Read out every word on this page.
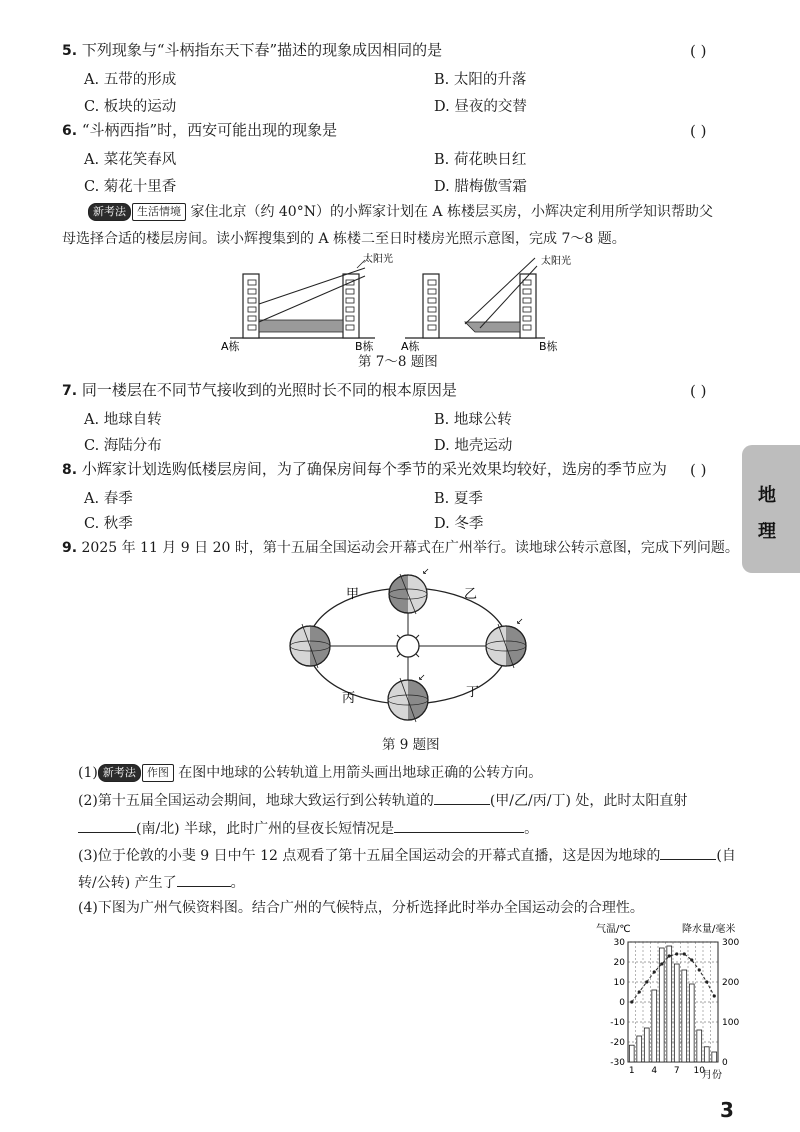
5. 下列现象与“斗柄指东天下春”描述的现象成因相同的是	( )
A. 五带的形成	B. 太阳的升落
C. 板块的运动	D. 昼夜的交替
6. “斗柄西指”时，西安可能出现的现象是	( )
A. 菜花笑春风	B. 荷花映日红
C. 菊花十里香	D. 腊梅傲雪霜
新考法 生活情境 家住北京（约 40°N）的小辉家计划在 A 栋楼层买房，小辉决定利用所学知识帮助父
母选择合适的楼层房间。读小辉搜集到的 A 栋楼二至日时楼房光照示意图，完成 7～8 题。
太阳光
A栋	B栋
太阳光
A栋	B栋
第 7～8 题图
7. 同一楼层在不同节气接收到的光照时长不同的根本原因是	( )
A. 地球自转	B. 地球公转
C. 海陆分布	D. 地壳运动
8. 小辉家计划选购低楼层房间，为了确保房间每个季节的采光效果均较好，选房的季节应为 ( )
A. 春季	B. 夏季
C. 秋季	D. 冬季
9. 2025 年 11 月 9 日 20 时，第十五届全国运动会开幕式在广州举行。读地球公转示意图，完成下列问题。
↙
↙
↙
甲	乙
丙	丁
第 9 题图
(1) 新考法 作图 在图中地球的公转轨道上用箭头画出地球正确的公转方向。
(2)第十五届全国运动会期间，地球大致运行到公转轨道的	(甲/乙/丙/丁) 处，此时太阳直射
(南/北) 半球，此时广州的昼夜长短情况是	。
(3)位于伦敦的小斐 9 日中午 12 点观看了第十五届全国运动会的开幕式直播，这是因为地球的	(自
转/公转) 产生了	。
(4)下图为广州气候资料图。结合广州的气候特点，分析选择此时举办全国运动会的合理性。
气温/℃	降水量/毫米
30
20
10
0
-10
-20
-30
300
200
100
0
1 4 7 10
月份
地
理
3
